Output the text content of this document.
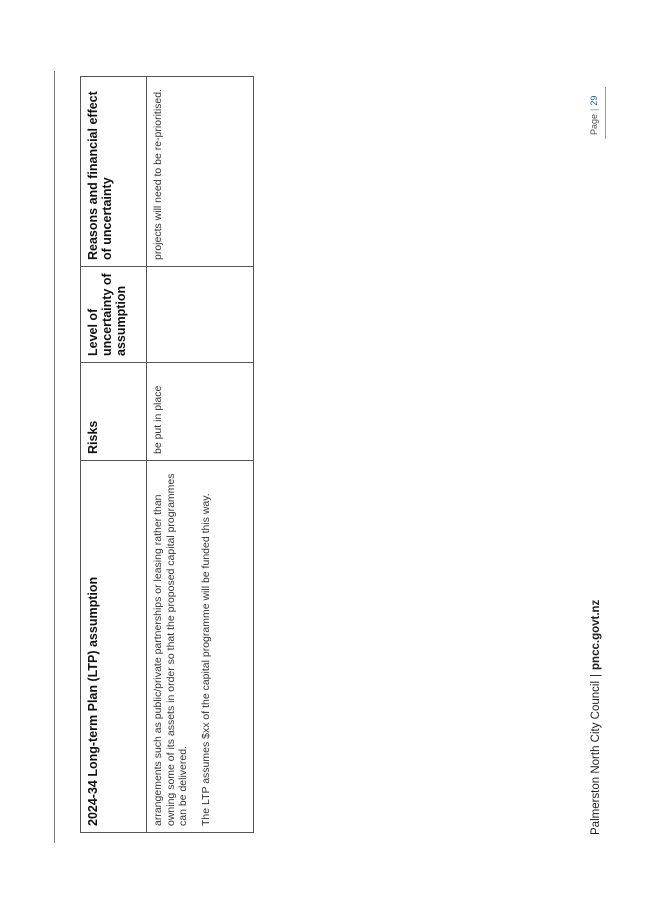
2024-34 Long-term Plan (LTP) assumption	Risks	Level of uncertainty of assumption	Reasons and financial effect of uncertainty

arrangements such as public/private partnerships or leasing rather than owning some of its assets in order so that the proposed capital programmes can be delivered. The LTP assumes $xx of the capital programme will be funded this way.	be put in place		projects will need to be re-prioritised.
Palmerston North City Council|pncc.govt.nz
Page|29
